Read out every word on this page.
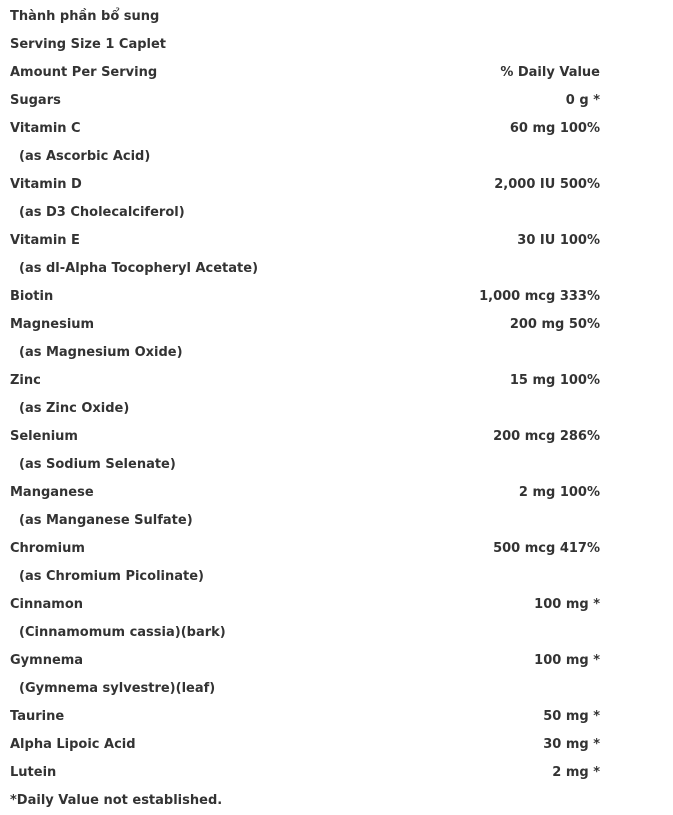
Thành phần bổ sung
Serving Size 1 Caplet
Amount Per Serving	% Daily Value
Sugars	0 g *
Vitamin C	60 mg 100%
(as Ascorbic Acid)
Vitamin D	2,000 IU 500%
(as D3 Cholecalciferol)
Vitamin E	30 IU 100%
(as dl-Alpha Tocopheryl Acetate)
Biotin	1,000 mcg 333%
Magnesium	200 mg 50%
(as Magnesium Oxide)
Zinc	15 mg 100%
(as Zinc Oxide)
Selenium	200 mcg 286%
(as Sodium Selenate)
Manganese	2 mg 100%
(as Manganese Sulfate)
Chromium	500 mcg 417%
(as Chromium Picolinate)
Cinnamon	100 mg *
(Cinnamomum cassia)(bark)
Gymnema	100 mg *
(Gymnema sylvestre)(leaf)
Taurine	50 mg *
Alpha Lipoic Acid	30 mg *
Lutein	2 mg *
*Daily Value not established.
